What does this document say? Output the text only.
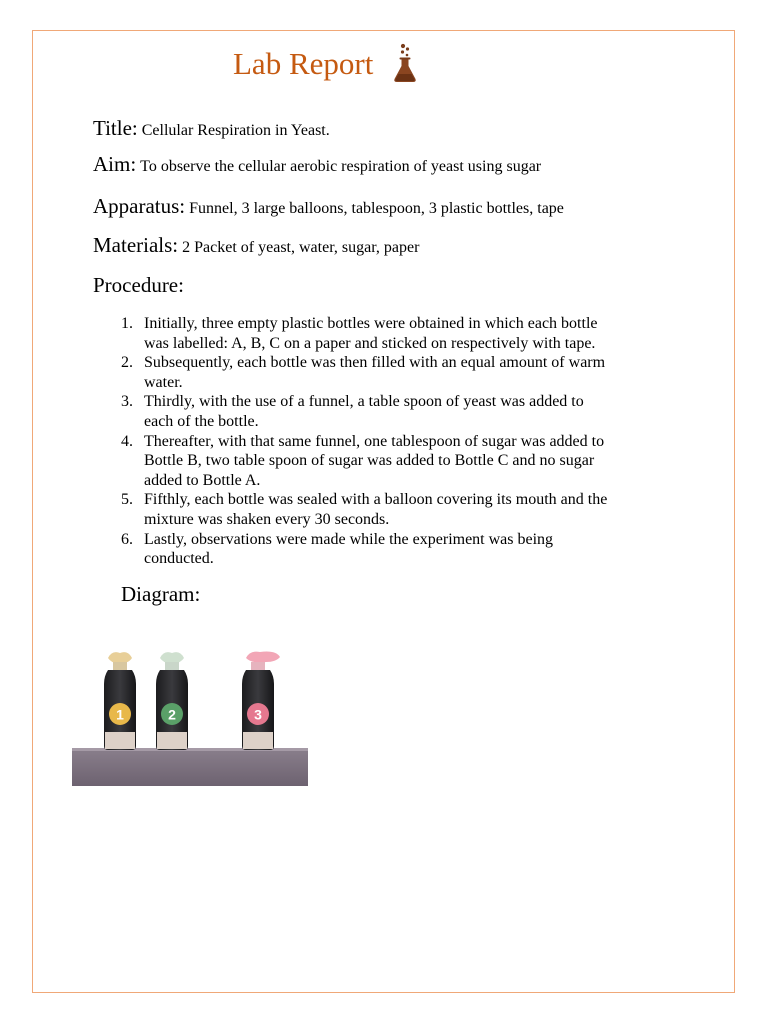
Lab Report
Title: Cellular Respiration in Yeast.
Aim: To observe the cellular aerobic respiration of yeast using sugar
Apparatus: Funnel, 3 large balloons, tablespoon, 3 plastic bottles, tape
Materials: 2 Packet of yeast, water, sugar, paper
Procedure:
1. Initially, three empty plastic bottles were obtained in which each bottle
was labelled: A, B, C on a paper and sticked on respectively with tape.
2. Subsequently, each bottle was then filled with an equal amount of warm
water.
3. Thirdly, with the use of a funnel, a table spoon of yeast was added to
each of the bottle.
4. Thereafter, with that same funnel, one tablespoon of sugar was added to
Bottle B, two table spoon of sugar was added to Bottle C and no sugar
added to Bottle A.
5. Fifthly, each bottle was sealed with a balloon covering its mouth and the
mixture was shaken every 30 seconds.
6. Lastly, observations were made while the experiment was being
conducted.
Diagram:
1	2	3
